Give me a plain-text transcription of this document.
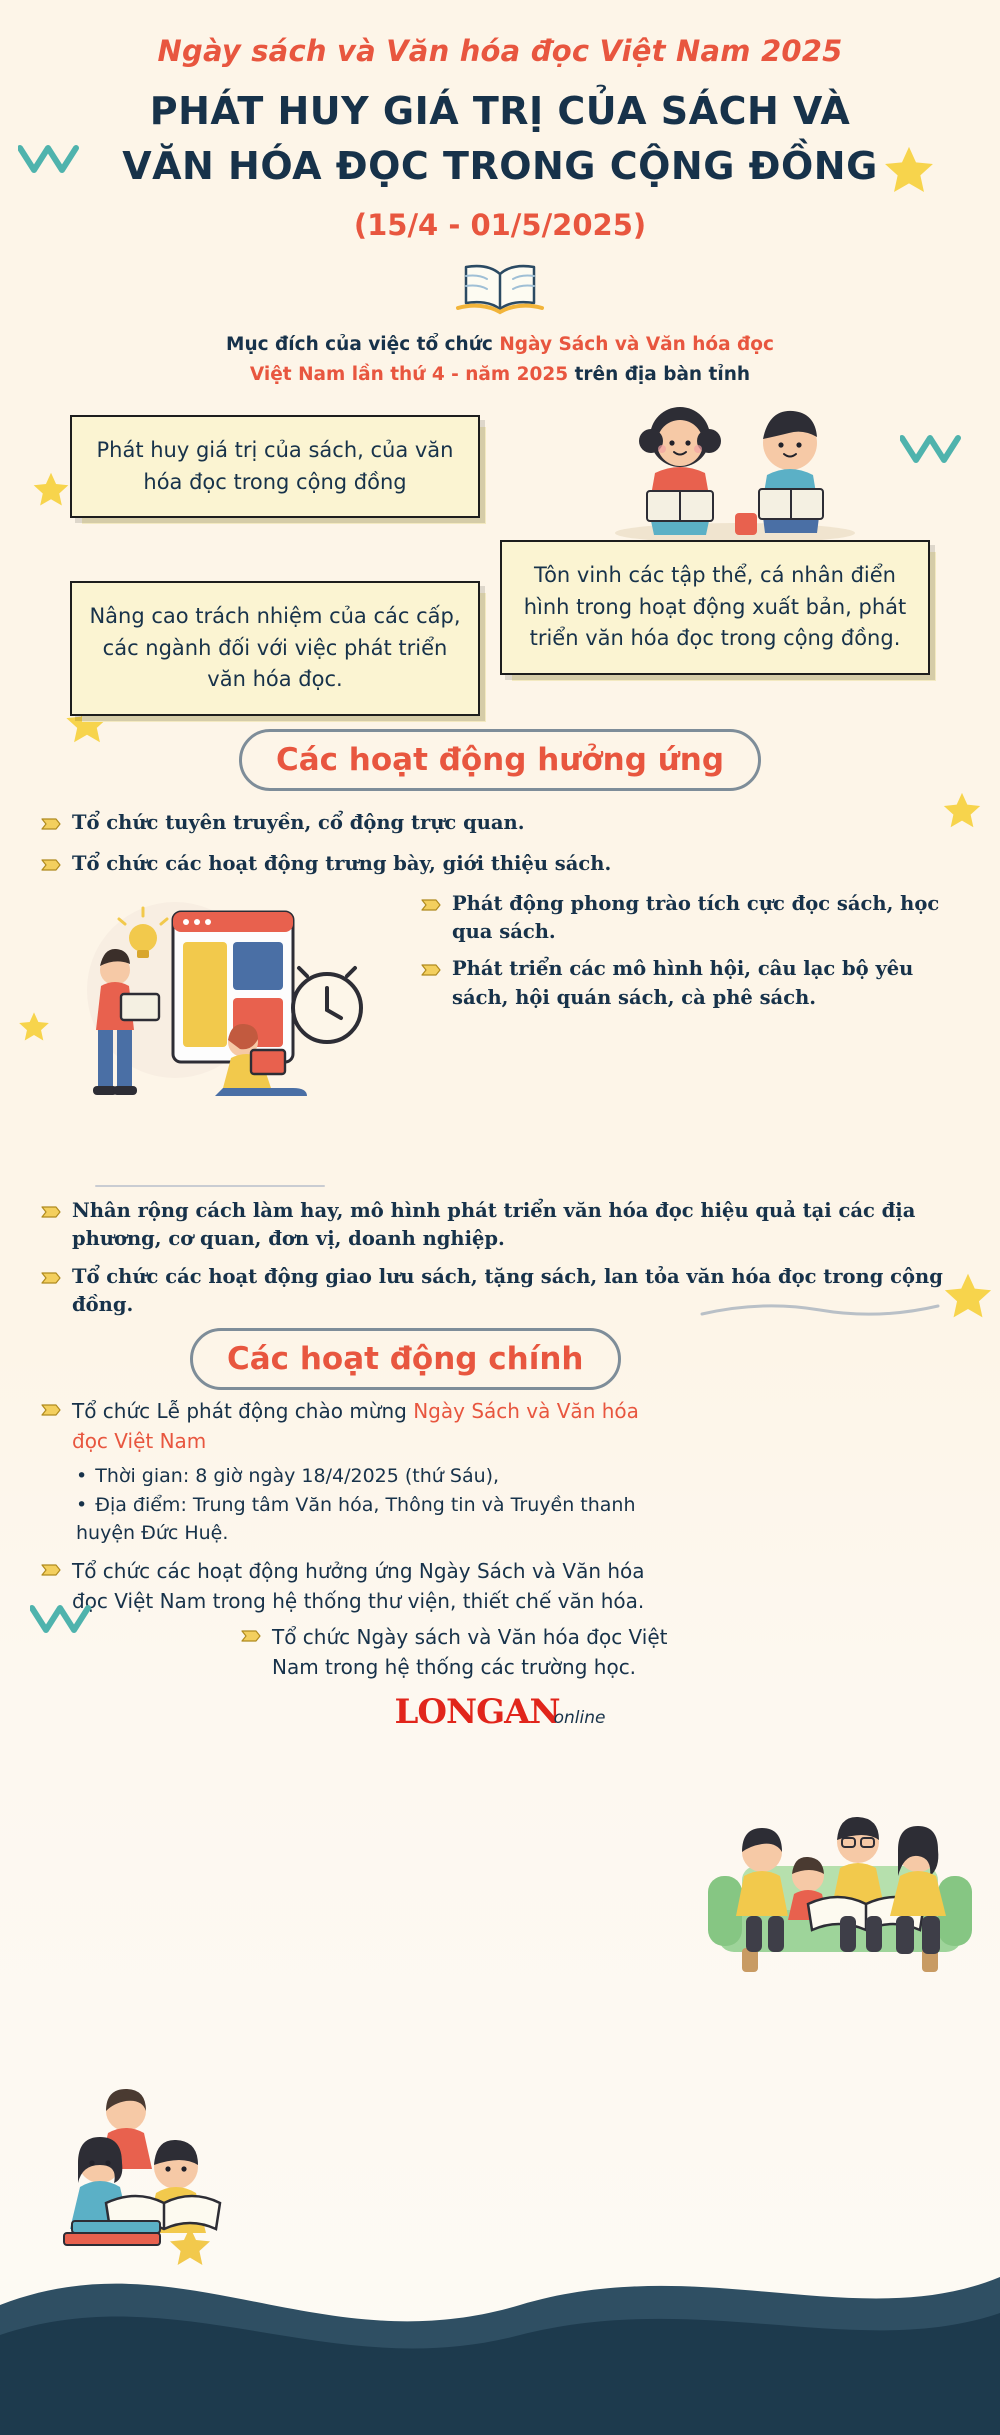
Ngày sách và Văn hóa đọc Việt Nam 2025
PHÁT HUY GIÁ TRỊ CỦA SÁCH VÀ
VĂN HÓA ĐỌC TRONG CỘNG ĐỒNG
(15/4 - 01/5/2025)
Mục đích của việc tổ chức Ngày Sách và Văn hóa đọc Việt Nam lần thứ 4 - năm 2025 trên địa bàn tỉnh
Phát huy giá trị của sách, của văn hóa đọc trong cộng đồng
Nâng cao trách nhiệm của các cấp, các ngành đối với việc phát triển văn hóa đọc.
Tôn vinh các tập thể, cá nhân điển hình trong hoạt động xuất bản, phát triển văn hóa đọc trong cộng đồng.
Các hoạt động hưởng ứng
Tổ chức tuyên truyền, cổ động trực quan.
Tổ chức các hoạt động trưng bày, giới thiệu sách.
Phát động phong trào tích cực đọc sách, học qua sách.
Phát triển các mô hình hội, câu lạc bộ yêu sách, hội quán sách, cà phê sách.
Nhân rộng cách làm hay, mô hình phát triển văn hóa đọc hiệu quả tại các địa phương, cơ quan, đơn vị, doanh nghiệp.
Tổ chức các hoạt động giao lưu sách, tặng sách, lan tỏa văn hóa đọc trong cộng đồng.
Các hoạt động chính
Tổ chức Lễ phát động chào mừng Ngày Sách và Văn hóa đọc Việt Nam
• Thời gian: 8 giờ ngày 18/4/2025 (thứ Sáu),
• Địa điểm: Trung tâm Văn hóa, Thông tin và Truyền thanh huyện Đức Huệ.
Tổ chức các hoạt động hưởng ứng Ngày Sách và Văn hóa đọc Việt Nam trong hệ thống thư viện, thiết chế văn hóa.
Tổ chức Ngày sách và Văn hóa đọc Việt Nam trong hệ thống các trường học.
LONGANonline
